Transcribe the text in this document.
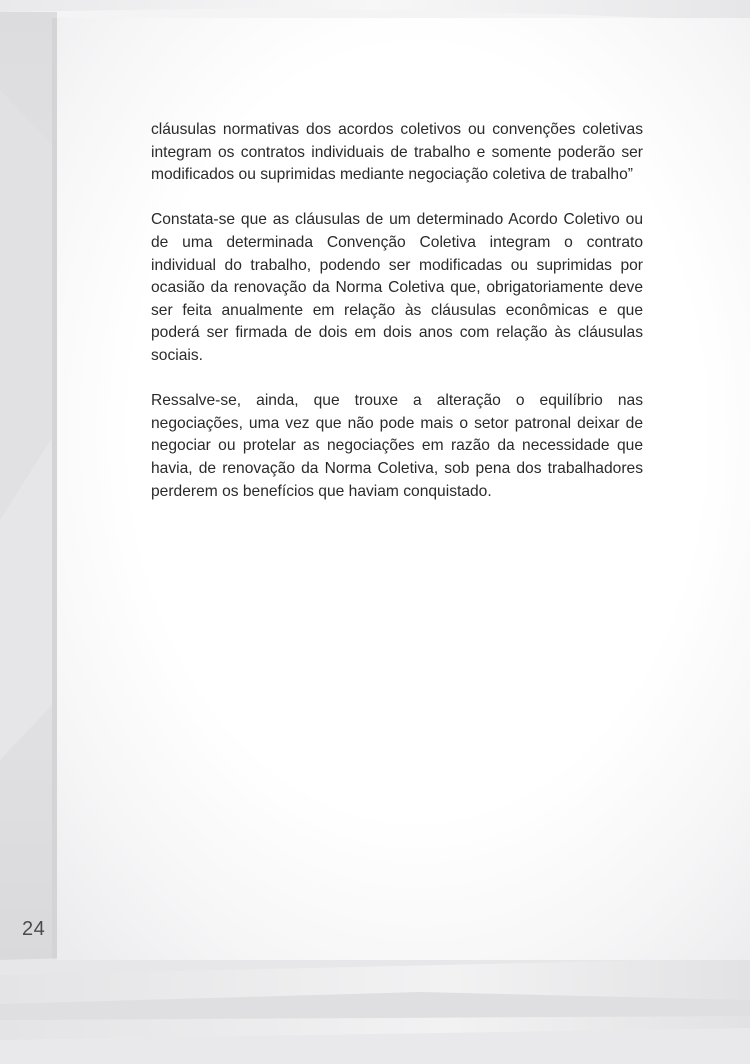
cláusulas normativas dos acordos coletivos ou convenções coletivas integram os contratos individuais de trabalho e somente poderão ser modificados ou suprimidas mediante negociação coletiva de trabalho”

Constata-se que as cláusulas de um determinado Acordo Coletivo ou de uma determinada Convenção Coletiva integram o contrato individual do trabalho, podendo ser modificadas ou suprimidas por ocasião da renovação da Norma Coletiva que, obrigatoriamente deve ser feita anualmente em relação às cláusulas econômicas e que poderá ser firmada de dois em dois anos com relação às cláusulas sociais.

Ressalve-se, ainda, que trouxe a alteração o equilíbrio nas negociações, uma vez que não pode mais o setor patronal deixar de negociar ou protelar as negociações em razão da necessidade que havia, de renovação da Norma Coletiva, sob pena dos trabalhadores perderem os benefícios que haviam conquistado.

24
